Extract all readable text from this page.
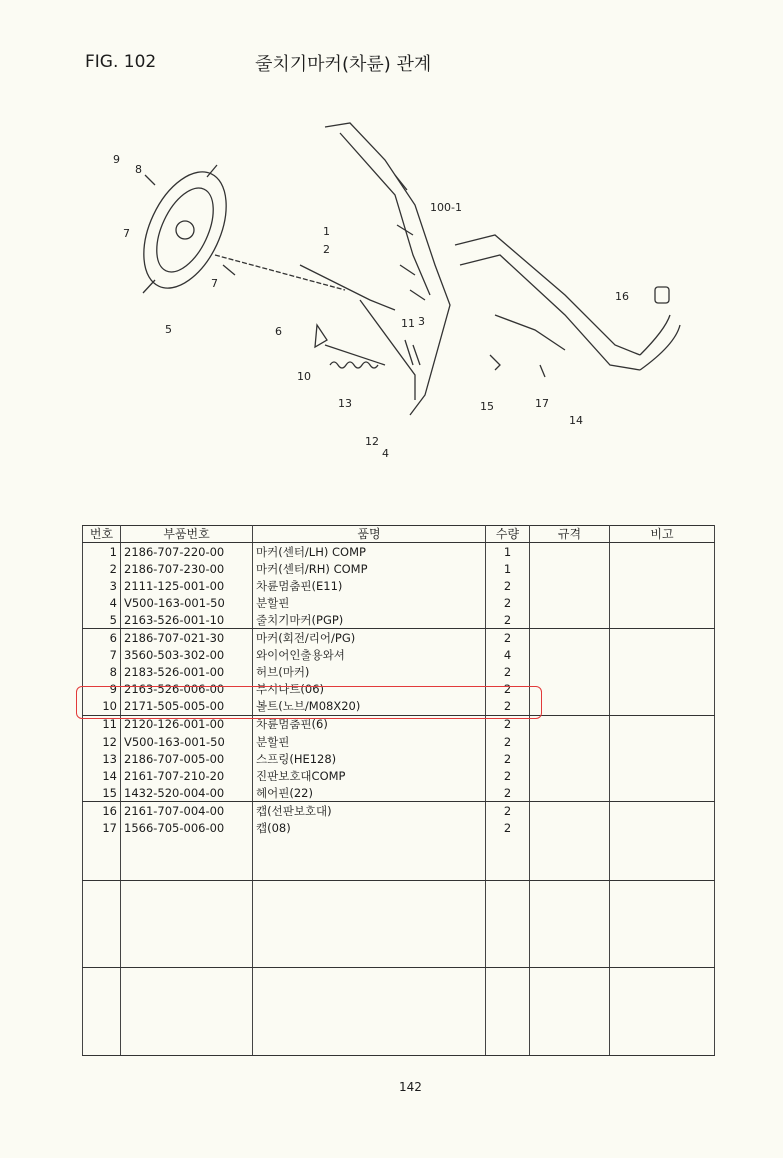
FIG. 102	줄치기마커(차륜) 관계
9
8
7
5
7
1
2
6
10
11 3
13
12
4
100-1
16
15	17
14
번호	부품번호	품명	수량	규격	비고
1	2186-707-220-00	마커(센터/LH) COMP	1		
2	2186-707-230-00	마커(센터/RH) COMP	1		
3	2111-125-001-00	차륜멈춤핀(E11)	2		
4	V500-163-001-50	분할핀	2		
5	2163-526-001-10	줄치기마커(PGP)	2		
6	2186-707-021-30	마커(회전/리어/PG)	2		
7	3560-503-302-00	와이어인출용와셔	4		
8	2183-526-001-00	허브(마커)	2		
9	2163-526-006-00	부시나트(06)	2		
10	2171-505-005-00	볼트(노브/M08X20)	2		
11	2120-126-001-00	차륜멈춤핀(6)	2		
12	V500-163-001-50	분할핀	2		
13	2186-707-005-00	스프링(HE128)	2		
14	2161-707-210-20	진판보호대COMP	2		
15	1432-520-004-00	헤어핀(22)	2		
16	2161-707-004-00	캡(선판보호대)	2		
17	1566-705-006-00	캡(08)	2		

142
